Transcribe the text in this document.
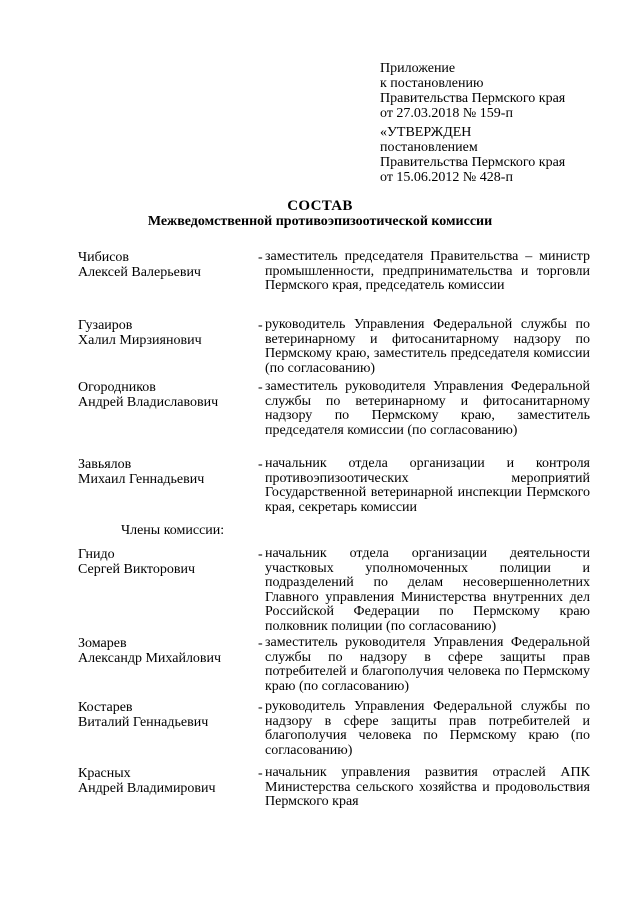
Приложение
к постановлению
Правительства Пермского края
от 27.03.2018 № 159-п
«УТВЕРЖДЕН
постановлением
Правительства Пермского края
от 15.06.2012 № 428-п
СОСТАВ
Межведомственной противоэпизоотической комиссии
Чибисов
Алексей Валерьевич
- заместитель председателя Правительства – министр промышленности, предпринимательства и торговли Пермского края, председатель комиссии
Гузаиров
Халил Мирзиянович
- руководитель Управления Федеральной службы по ветеринарному и фитосанитарному надзору по Пермскому краю, заместитель председателя комиссии (по согласованию)
Огородников
Андрей Владиславович
- заместитель руководителя Управления Федеральной службы по ветеринарному и фитосанитарному надзору по Пермскому краю, заместитель председателя комиссии (по согласованию)
Завьялов
Михаил Геннадьевич
- начальник отдела организации и контроля противоэпизоотических мероприятий Государственной ветеринарной инспекции Пермского края, секретарь комиссии
Члены комиссии:
Гнидо
Сергей Викторович
- начальник отдела организации деятельности участковых уполномоченных полиции и подразделений по делам несовершеннолетних Главного управления Министерства внутренних дел Российской Федерации по Пермскому краю полковник полиции (по согласованию)
Зомарев
Александр Михайлович
- заместитель руководителя Управления Федеральной службы по надзору в сфере защиты прав потребителей и благополучия человека по Пермскому краю (по согласованию)
Костарев
Виталий Геннадьевич
- руководитель Управления Федеральной службы по надзору в сфере защиты прав потребителей и благополучия человека по Пермскому краю (по согласованию)
Красных
Андрей Владимирович
- начальник управления развития отраслей АПК Министерства сельского хозяйства и продовольствия Пермского края
